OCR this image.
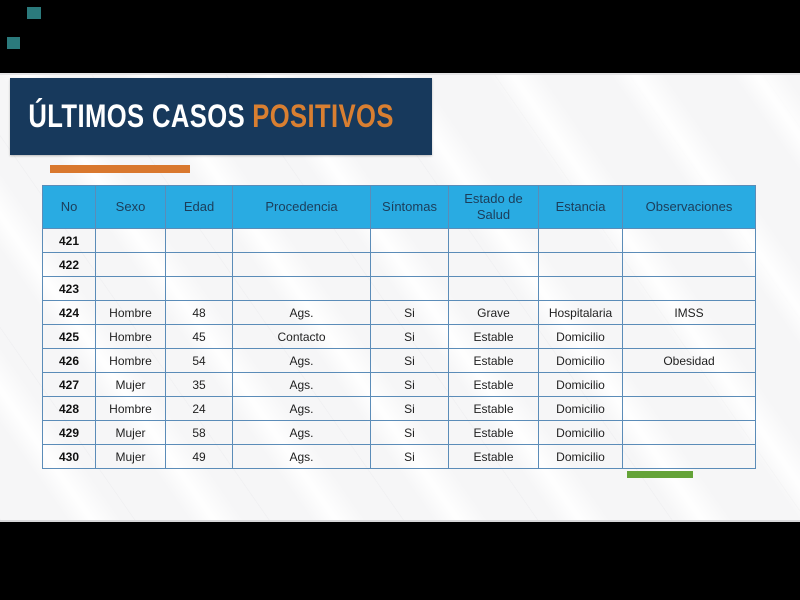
ÚLTIMOS CASOS POSITIVOS
No	Sexo	Edad	Procedencia	Síntomas	Estado de Salud	Estancia	Observaciones
421							
422							
423							
424	Hombre	48	Ags.	Si	Grave	Hospitalaria	IMSS
425	Hombre	45	Contacto	Si	Estable	Domicilio	
426	Hombre	54	Ags.	Si	Estable	Domicilio	Obesidad
427	Mujer	35	Ags.	Si	Estable	Domicilio	
428	Hombre	24	Ags.	Si	Estable	Domicilio	
429	Mujer	58	Ags.	Si	Estable	Domicilio	
430	Mujer	49	Ags.	Si	Estable	Domicilio	
